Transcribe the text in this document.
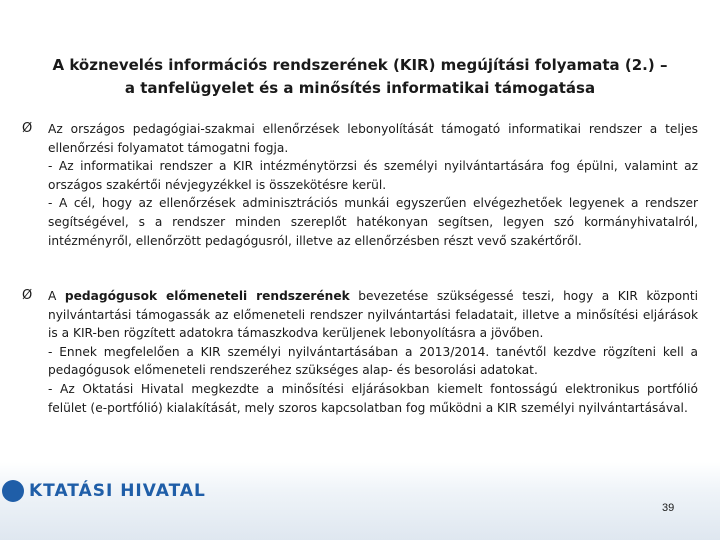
A köznevelés információs rendszerének (KIR) megújítási folyamata (2.) –
a tanfelügyelet és a minősítés informatikai támogatása
Ø	Az országos pedagógiai-szakmai ellenőrzések lebonyolítását támogató informatikai rendszer a teljes ellenőrzési folyamatot támogatni fogja.

- Az informatikai rendszer a KIR intézménytörzsi és személyi nyilvántartására fog épülni, valamint az országos szakértői névjegyzékkel is összekötésre kerül.

- A cél, hogy az ellenőrzések adminisztrációs munkái egyszerűen elvégezhetőek legyenek a rendszer segítségével, s a rendszer minden szereplőt hatékonyan segítsen, legyen szó kormányhivatalról, intézményről, ellenőrzött pedagógusról, illetve az ellenőrzésben részt vevő szakértőről.

Ø	A pedagógusok előmeneteli rendszerének bevezetése szükségessé teszi, hogy a KIR központi nyilvántartási támogassák az előmeneteli rendszer nyilvántartási feladatait, illetve a minősítési eljárások is a KIR-ben rögzített adatokra támaszkodva kerüljenek lebonyolításra a jövőben.

- Ennek megfelelően a KIR személyi nyilvántartásában a 2013/2014. tanévtől kezdve rögzíteni kell a pedagógusok előmeneteli rendszeréhez szükséges alap- és besorolási adatokat.

- Az Oktatási Hivatal megkezdte a minősítési eljárásokban kiemelt fontosságú elektronikus portfólió felület (e-portfólió) kialakítását, mely szoros kapcsolatban fog működni a KIR személyi nyilvántartásával.

KTATÁSI HIVATAL
39
